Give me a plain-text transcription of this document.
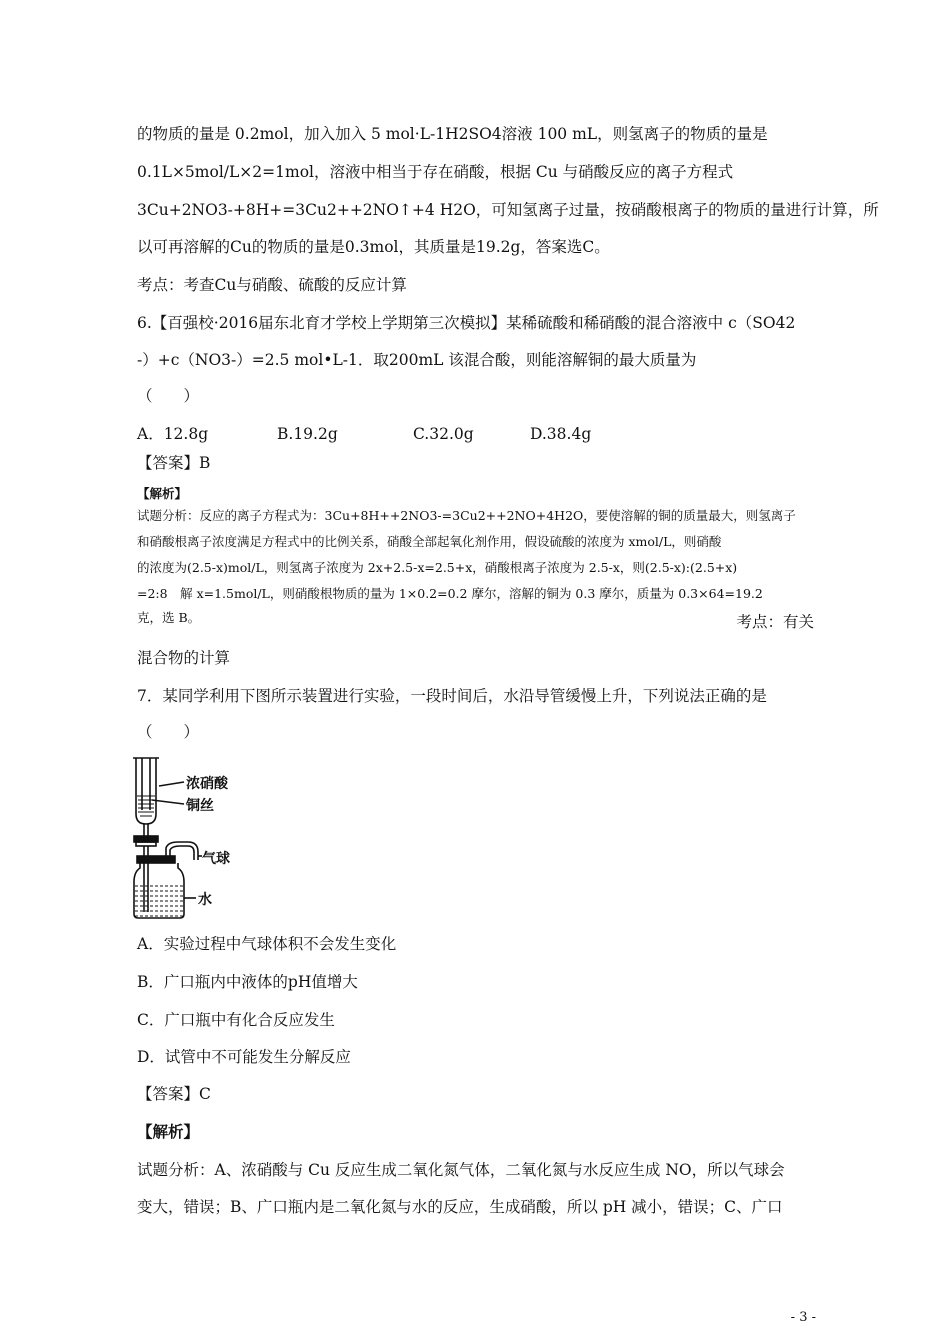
的物质的量是 0.2mol，加入加入 5 mol·L-1H2SO4溶液 100 mL，则氢离子的物质的量是
0.1L×5mol/L×2=1mol，溶液中相当于存在硝酸，根据 Cu 与硝酸反应的离子方程式
3Cu+2NO3-+8H+=3Cu2++2NO↑+4 H2O，可知氢离子过量，按硝酸根离子的物质的量进行计算，所
以可再溶解的Cu的物质的量是0.3mol，其质量是19.2g，答案选C。
考点：考查Cu与硝酸、硫酸的反应计算
6.【百强校·2016届东北育才学校上学期第三次模拟】某稀硫酸和稀硝酸的混合溶液中 c（SO42
-）+c（NO3-）=2.5 mol•L-1．取200mL 该混合酸，则能溶解铜的最大质量为
（　　）
A．12.8g	B.19.2g	C.32.0g	D.38.4g
【答案】B
【解析】
试题分析：反应的离子方程式为：3Cu+8H++2NO3-=3Cu2++2NO+4H2O，要使溶解的铜的质量最大，则氢离子
和硝酸根离子浓度满足方程式中的比例关系，硝酸全部起氧化剂作用，假设硫酸的浓度为 xmol/L，则硝酸
的浓度为(2.5-x)mol/L，则氢离子浓度为 2x+2.5-x=2.5+x，硝酸根离子浓度为 2.5-x，则(2.5-x):(2.5+x)
=2:8　解 x=1.5mol/L，则硝酸根物质的量为 1×0.2=0.2 摩尔，溶解的铜为 0.3 摩尔，质量为 0.3×64=19.2
克，选 B。	考点：有关
混合物的计算
7．某同学利用下图所示装置进行实验，一段时间后，水沿导管缓慢上升，下列说法正确的是
（　　）
浓硝酸
铜丝
气球
水
A．实验过程中气球体积不会发生变化
B．广口瓶内中液体的pH值增大
C．广口瓶中有化合反应发生
D．试管中不可能发生分解反应
【答案】C
【解析】
试题分析：A、浓硝酸与 Cu 反应生成二氧化氮气体，二氧化氮与水反应生成 NO，所以气球会
变大，错误；B、广口瓶内是二氧化氮与水的反应，生成硝酸，所以 pH 减小，错误；C、广口
- 3 -
